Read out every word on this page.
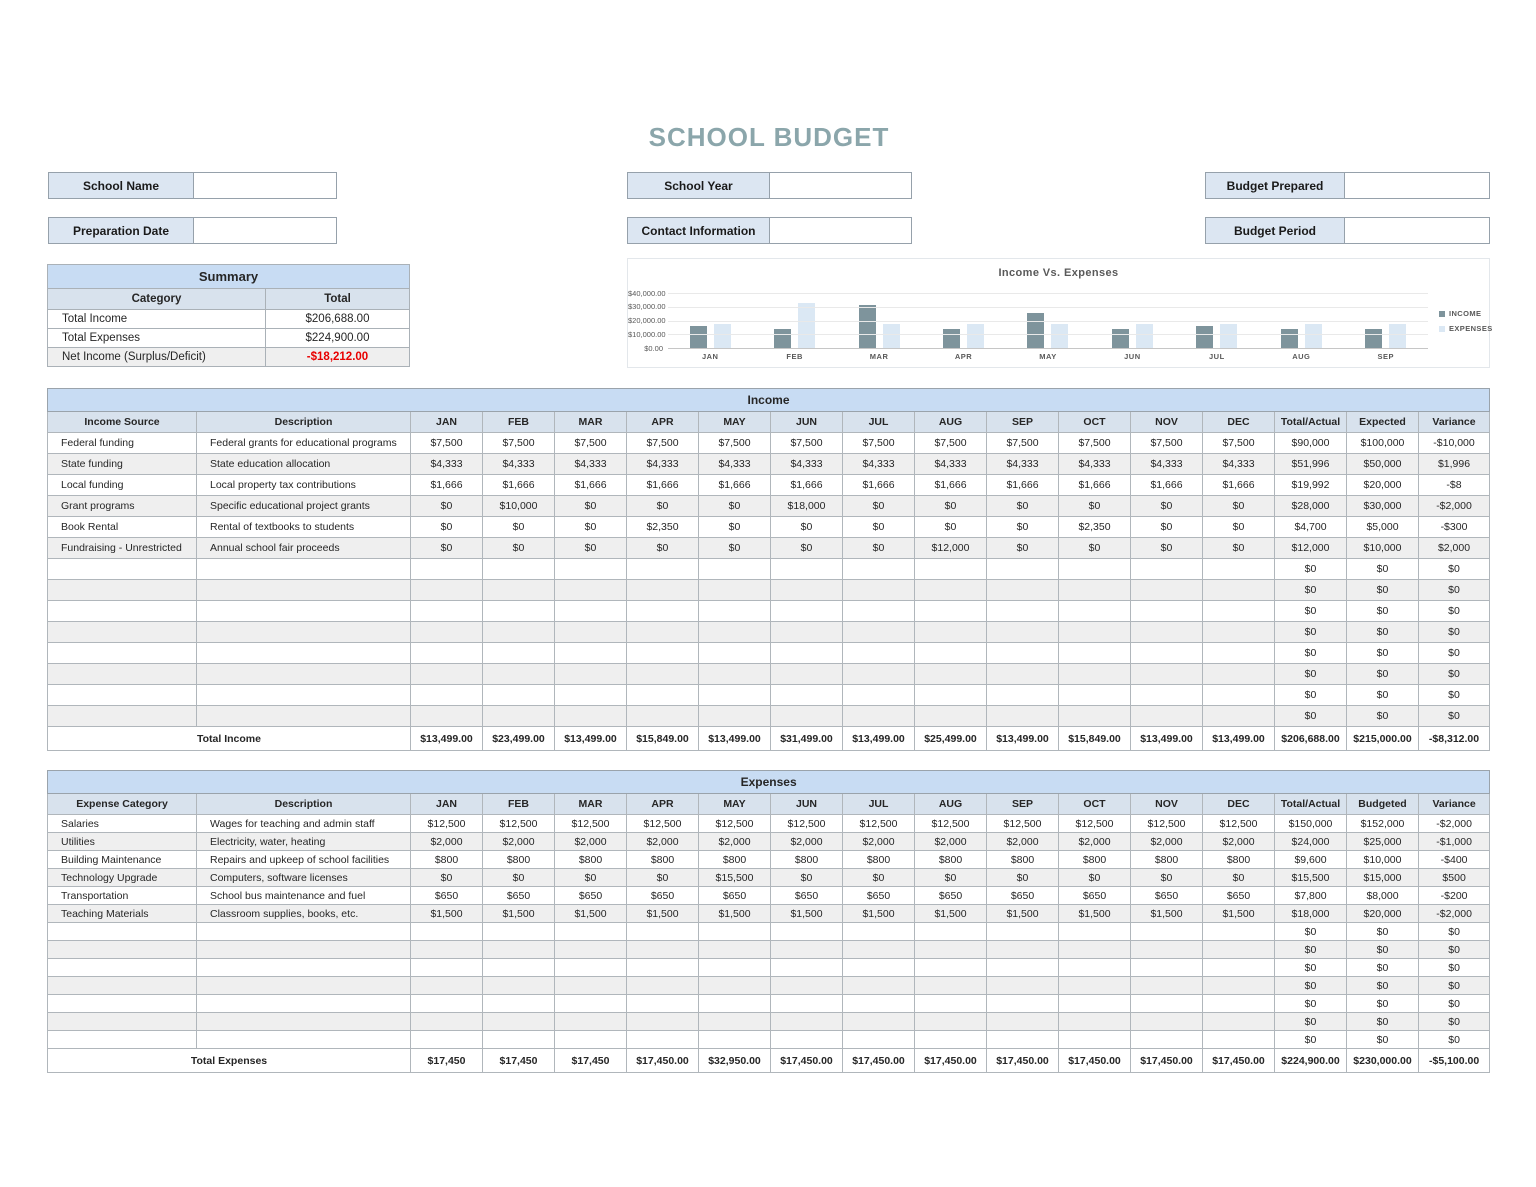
SCHOOL BUDGET
School Name
Preparation Date
School Year
Contact Information
Budget Prepared
Budget Period
Summary	
Category	Total
Total Income	$206,688.00
Total Expenses	$224,900.00
Net Income (Surplus/Deficit)	-$18,212.00
Income Vs. Expenses
JAN	FEB	MAR	APR	MAY	JUN	JUL	AUG	SEP
INCOME
EXPENSES
$40,000.00
$30,000.00
$20,000.00
$10,000.00
$0.00
Income																
Income Source	Description	JAN	FEB	MAR	APR	MAY	JUN	JUL	AUG	SEP	OCT	NOV	DEC	Total/Actual	Expected	Variance
Federal funding	Federal grants for educational programs	$7,500	$7,500	$7,500	$7,500	$7,500	$7,500	$7,500	$7,500	$7,500	$7,500	$7,500	$7,500	$90,000	$100,000	-$10,000
State funding	State education allocation	$4,333	$4,333	$4,333	$4,333	$4,333	$4,333	$4,333	$4,333	$4,333	$4,333	$4,333	$4,333	$51,996	$50,000	$1,996
Local funding	Local property tax contributions	$1,666	$1,666	$1,666	$1,666	$1,666	$1,666	$1,666	$1,666	$1,666	$1,666	$1,666	$1,666	$19,992	$20,000	-$8
Grant programs	Specific educational project grants	$0	$10,000	$0	$0	$0	$18,000	$0	$0	$0	$0	$0	$0	$28,000	$30,000	-$2,000
Book Rental	Rental of textbooks to students	$0	$0	$0	$2,350	$0	$0	$0	$0	$0	$2,350	$0	$0	$4,700	$5,000	-$300
Fundraising - Unrestricted	Annual school fair proceeds	$0	$0	$0	$0	$0	$0	$0	$12,000	$0	$0	$0	$0	$12,000	$10,000	$2,000
														$0	$0	$0
														$0	$0	$0
														$0	$0	$0
														$0	$0	$0
														$0	$0	$0
														$0	$0	$0
														$0	$0	$0
														$0	$0	$0
Total Income		$13,499.00	$23,499.00	$13,499.00	$15,849.00	$13,499.00	$31,499.00	$13,499.00	$25,499.00	$13,499.00	$15,849.00	$13,499.00	$13,499.00	$206,688.00	$215,000.00	-$8,312.00
Expenses																
Expense Category	Description	JAN	FEB	MAR	APR	MAY	JUN	JUL	AUG	SEP	OCT	NOV	DEC	Total/Actual	Budgeted	Variance
Salaries	Wages for teaching and admin staff	$12,500	$12,500	$12,500	$12,500	$12,500	$12,500	$12,500	$12,500	$12,500	$12,500	$12,500	$12,500	$150,000	$152,000	-$2,000
Utilities	Electricity, water, heating	$2,000	$2,000	$2,000	$2,000	$2,000	$2,000	$2,000	$2,000	$2,000	$2,000	$2,000	$2,000	$24,000	$25,000	-$1,000
Building Maintenance	Repairs and upkeep of school facilities	$800	$800	$800	$800	$800	$800	$800	$800	$800	$800	$800	$800	$9,600	$10,000	-$400
Technology Upgrade	Computers, software licenses	$0	$0	$0	$0	$15,500	$0	$0	$0	$0	$0	$0	$0	$15,500	$15,000	$500
Transportation	School bus maintenance and fuel	$650	$650	$650	$650	$650	$650	$650	$650	$650	$650	$650	$650	$7,800	$8,000	-$200
Teaching Materials	Classroom supplies, books, etc.	$1,500	$1,500	$1,500	$1,500	$1,500	$1,500	$1,500	$1,500	$1,500	$1,500	$1,500	$1,500	$18,000	$20,000	-$2,000
														$0	$0	$0
														$0	$0	$0
														$0	$0	$0
														$0	$0	$0
														$0	$0	$0
														$0	$0	$0
														$0	$0	$0
Total Expenses		$17,450	$17,450	$17,450	$17,450.00	$32,950.00	$17,450.00	$17,450.00	$17,450.00	$17,450.00	$17,450.00	$17,450.00	$17,450.00	$224,900.00	$230,000.00	-$5,100.00
